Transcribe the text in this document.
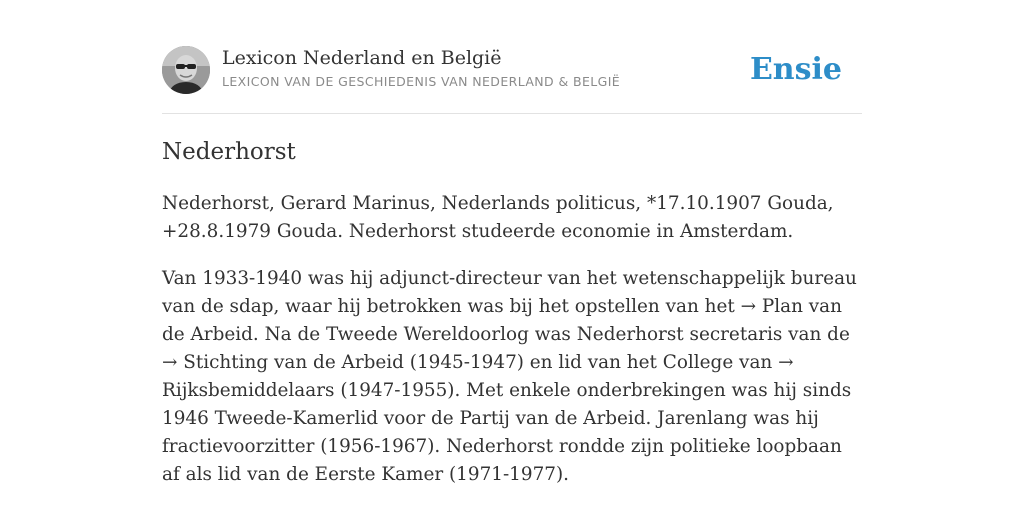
Lexicon Nederland en België
LEXICON VAN DE GESCHIEDENIS VAN NEDERLAND & BELGIË	Ensie
Nederhorst

Nederhorst, Gerard Marinus, Nederlands politicus, *17.10.1907 Gouda, +28.8.1979 Gouda. Nederhorst studeerde economie in Amsterdam.

Van 1933-1940 was hij adjunct-directeur van het wetenschappelijk bureau van de sdap, waar hij betrokken was bij het opstellen van het → Plan van de Arbeid. Na de Tweede Wereldoorlog was Nederhorst secretaris van de → Stichting van de Arbeid (1945-1947) en lid van het College van → Rijksbemiddelaars (1947-1955). Met enkele onderbrekingen was hij sinds 1946 Tweede-Kamerlid voor de Partij van de Arbeid. Jarenlang was hij fractievoorzitter (1956-1967). Nederhorst rondde zijn politieke loopbaan af als lid van de Eerste Kamer (1971-1977).
